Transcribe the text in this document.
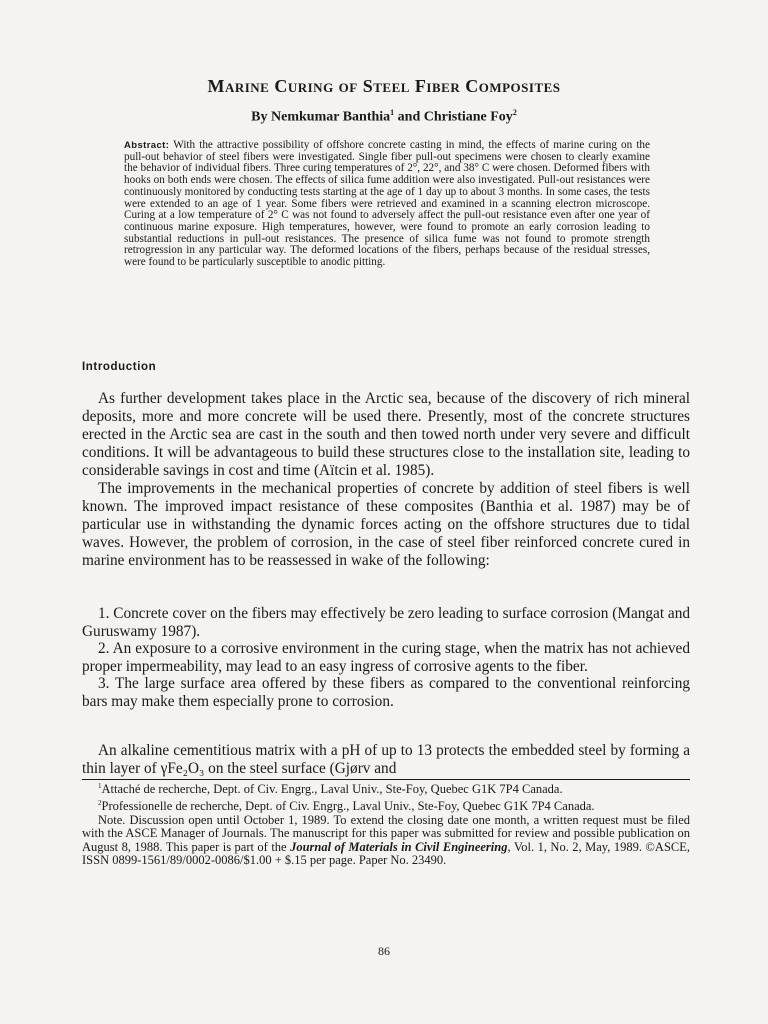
Marine Curing of Steel Fiber Composites
By Nemkumar Banthia$^1$ and Christiane Foy$^2$
Abstract: With the attractive possibility of offshore concrete casting in mind, the effects of marine curing on the pull-out behavior of steel fibers were investigated. Single fiber pull-out specimens were chosen to clearly examine the behavior of individual fibers. Three curing temperatures of 2°, 22°, and 38° C were chosen. Deformed fibers with hooks on both ends were chosen. The effects of silica fume addition were also investigated. Pull-out resistances were continuously monitored by conducting tests starting at the age of 1 day up to about 3 months. In some cases, the tests were extended to an age of 1 year. Some fibers were retrieved and examined in a scanning electron microscope. Curing at a low temperature of 2° C was not found to adversely affect the pull-out resistance even after one year of continuous marine exposure. High temperatures, however, were found to promote an early corrosion leading to substantial reductions in pull-out resistances. The presence of silica fume was not found to promote strength retrogression in any particular way. The deformed locations of the fibers, perhaps because of the residual stresses, were found to be particularly susceptible to anodic pitting.
Introduction

As further development takes place in the Arctic sea, because of the discovery of rich mineral deposits, more and more concrete will be used there. Presently, most of the concrete structures erected in the Arctic sea are cast in the south and then towed north under very severe and difficult conditions. It will be advantageous to build these structures close to the installation site, leading to considerable savings in cost and time (Aïtcin et al. 1985).

The improvements in the mechanical properties of concrete by addition of steel fibers is well known. The improved impact resistance of these composites (Banthia et al. 1987) may be of particular use in withstanding the dynamic forces acting on the offshore structures due to tidal waves. However, the problem of corrosion, in the case of steel fiber reinforced concrete cured in marine environment has to be reassessed in wake of the following:

1. Concrete cover on the fibers may effectively be zero leading to surface corrosion (Mangat and Guruswamy 1987).

2. An exposure to a corrosive environment in the curing stage, when the matrix has not achieved proper impermeability, may lead to an easy ingress of corrosive agents to the fiber.

3. The large surface area offered by these fibers as compared to the conventional reinforcing bars may make them especially prone to corrosion.

An alkaline cementitious matrix with a pH of up to 13 protects the embedded steel by forming a thin layer of γFe₂O₃ on the steel surface (Gjørv and

$^1$Attaché de recherche, Dept. of Civ. Engrg., Laval Univ., Ste-Foy, Quebec G1K 7P4 Canada.

$^2$Professionelle de recherche, Dept. of Civ. Engrg., Laval Univ., Ste-Foy, Quebec G1K 7P4 Canada.

Note. Discussion open until October 1, 1989. To extend the closing date one month, a written request must be filed with the ASCE Manager of Journals. The manuscript for this paper was submitted for review and possible publication on August 8, 1988. This paper is part of the Journal of Materials in Civil Engineering, Vol. 1, No. 2, May, 1989. ©ASCE, ISSN 0899-1561/89/0002-0086/$1.00 + $.15 per page. Paper No. 23490.

86
